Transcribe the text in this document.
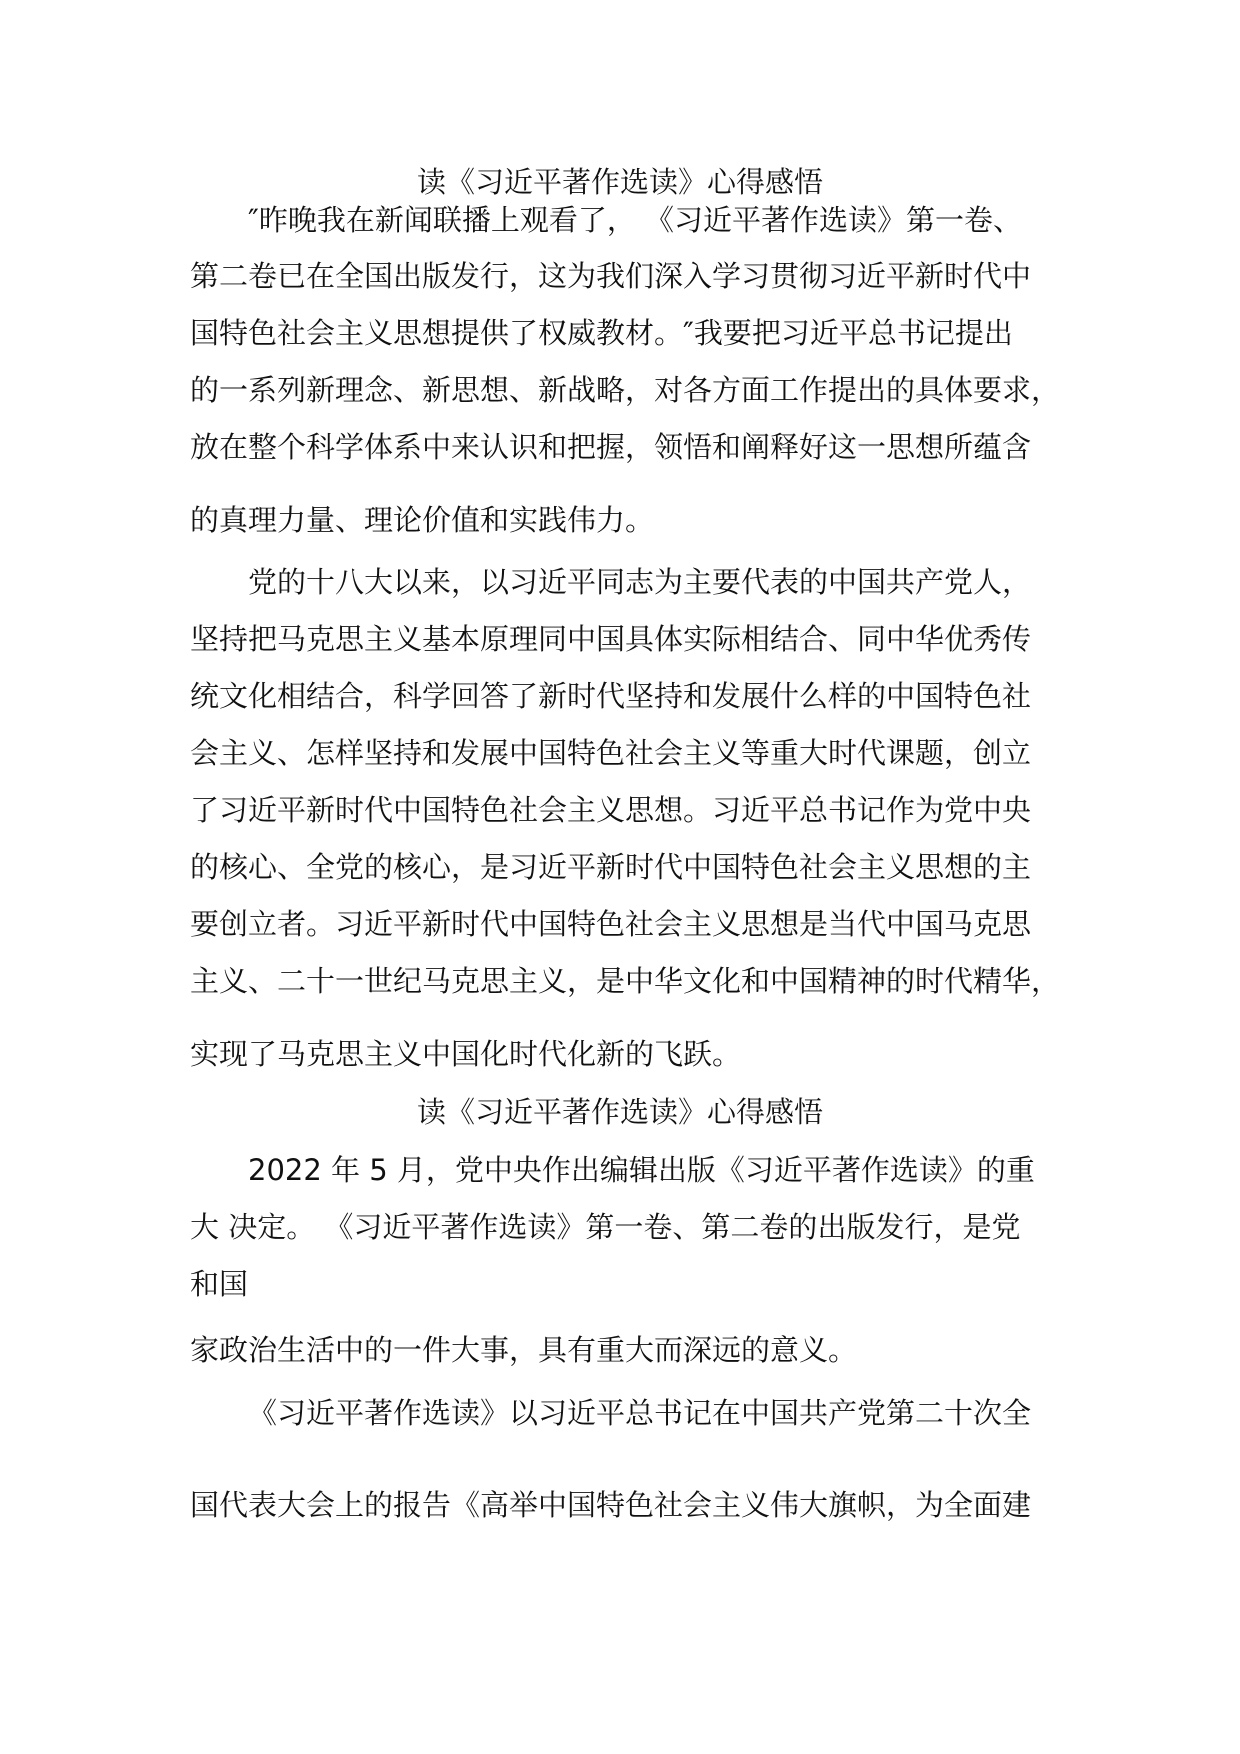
读《习近平著作选读》心得感悟
″昨晚我在新闻联播上观看了， 《习近平著作选读》第一卷、
第二卷已在全国出版发行，这为我们深入学习贯彻习近平新时代中
国特色社会主义思想提供了权威教材。″我要把习近平总书记提出
的一系列新理念、新思想、新战略，对各方面工作提出的具体要求，
放在整个科学体系中来认识和把握，领悟和阐释好这一思想所蕴含
的真理力量、理论价值和实践伟力。
党的十八大以来，以习近平同志为主要代表的中国共产党人，
坚持把马克思主义基本原理同中国具体实际相结合、同中华优秀传
统文化相结合，科学回答了新时代坚持和发展什么样的中国特色社
会主义、怎样坚持和发展中国特色社会主义等重大时代课题，创立
了习近平新时代中国特色社会主义思想。习近平总书记作为党中央
的核心、全党的核心，是习近平新时代中国特色社会主义思想的主
要创立者。习近平新时代中国特色社会主义思想是当代中国马克思
主义、二十一世纪马克思主义，是中华文化和中国精神的时代精华，
实现了马克思主义中国化时代化新的飞跃。
读《习近平著作选读》心得感悟
2022 年 5 月，党中央作出编辑出版《习近平著作选读》的重
大 决定。 《习近平著作选读》第一卷、第二卷的出版发行，是党
和国
家政治生活中的一件大事，具有重大而深远的意义。
《习近平著作选读》以习近平总书记在中国共产党第二十次全
国代表大会上的报告《高举中国特色社会主义伟大旗帜，为全面建
